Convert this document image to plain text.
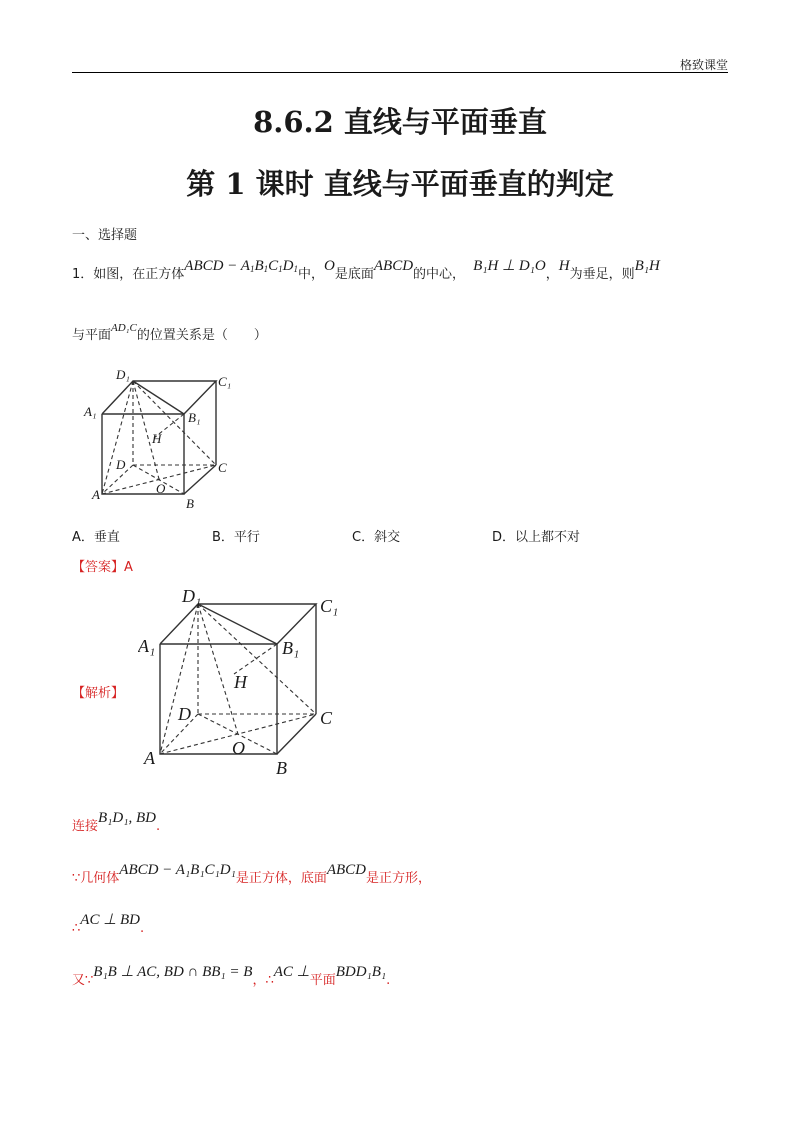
格致课堂
8.6.2 直线与平面垂直
第 1 课时 直线与平面垂直的判定
一、选择题
1．如图，在正方体ABCD − $A_1B_1C_1D_1$中，O是底面ABCD的中心，B₁H ⊥ D₁O，H为垂足，则B₁H
与平面$^{AD_1C}$的位置关系是（　　）
D₁	C₁
A₁	B₁
H
D	C
A	O
B
A．垂直	B．平行	C．斜交	D．以上都不对
【答案】A
【解析】
D₁	C₁
A₁	B₁
H
D	C
A	O
B
连接B₁D₁, BD.
∵几何体ABCD − A₁B₁C₁D₁是正方体，底面ABCD是正方形，
∴AC ⊥ BD.
又∵B₁B ⊥ AC, BD ∩ BB₁ = B，∴AC ⊥平面BDD₁B₁.
